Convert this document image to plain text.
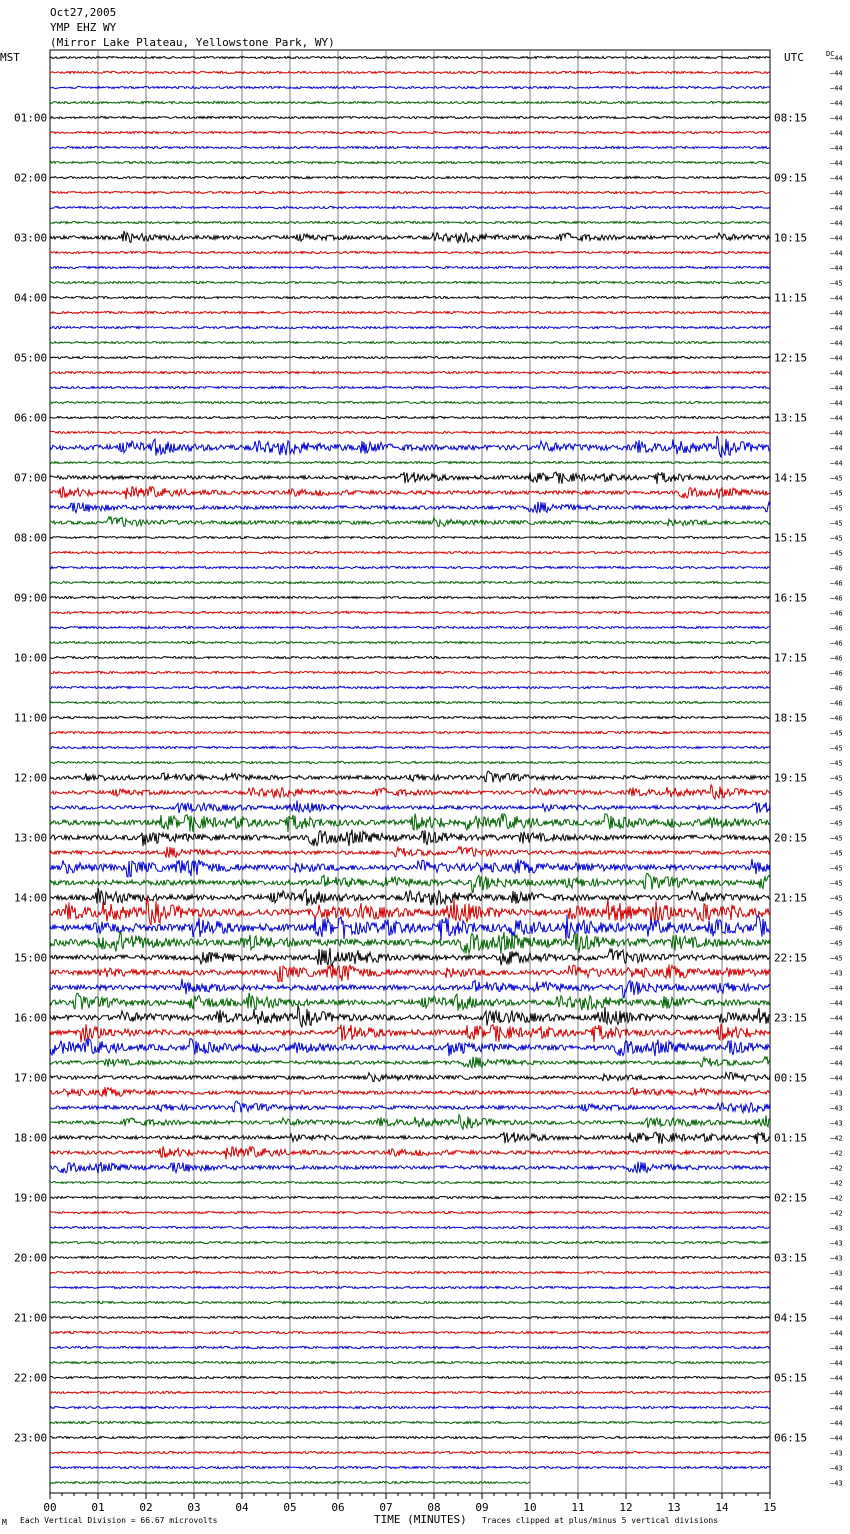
Oct27,2005
YMP EHZ WY
(Mirror Lake Plateau, Yellowstone Park, WY)
MST	UTC	DC
01:00
02:00
03:00
04:00
05:00
06:00
07:00
08:00
09:00
10:00
11:00
12:00
13:00
14:00
15:00
16:00
17:00
18:00
19:00
20:00
21:00
22:00
23:00
08:15
09:15
10:15
11:15
12:15
13:15
14:15
15:15
16:15
17:15
18:15
19:15
20:15
21:15
22:15
23:15
00:15
01:15
02:15
03:15
04:15
05:15
06:15
−44
−44
−44
−44
−44
−44
−44
−44
−44
−44
−44
−44
−44
−44
−44
−45
−44
−44
−44
−44
−44
−44
−44
−44
−44
−44
−44
−44
−45
−45
−45
−45
−45
−45
−46
−46
−46
−46
−46
−46
−46
−46
−46
−46
−46
−45
−45
−45
−45
−45
−45
−45
−45
−45
−45
−45
−45
−45
−46
−45
−45
−43
−44
−44
−44
−44
−44
−44
−44
−43
−43
−43
−42
−42
−42
−42
−42
−42
−43
−43
−43
−43
−44
−44
−44
−44
−44
−44
−44
−44
−44
−44
−44
−43
−43
−43
00	01	02	03	04	05	06	07	08	09	10	11	12	13	14	15
TIME (MINUTES)
Each Vertical Division = 66.67 microvolts	Traces clipped at plus/minus 5 vertical divisions
M
